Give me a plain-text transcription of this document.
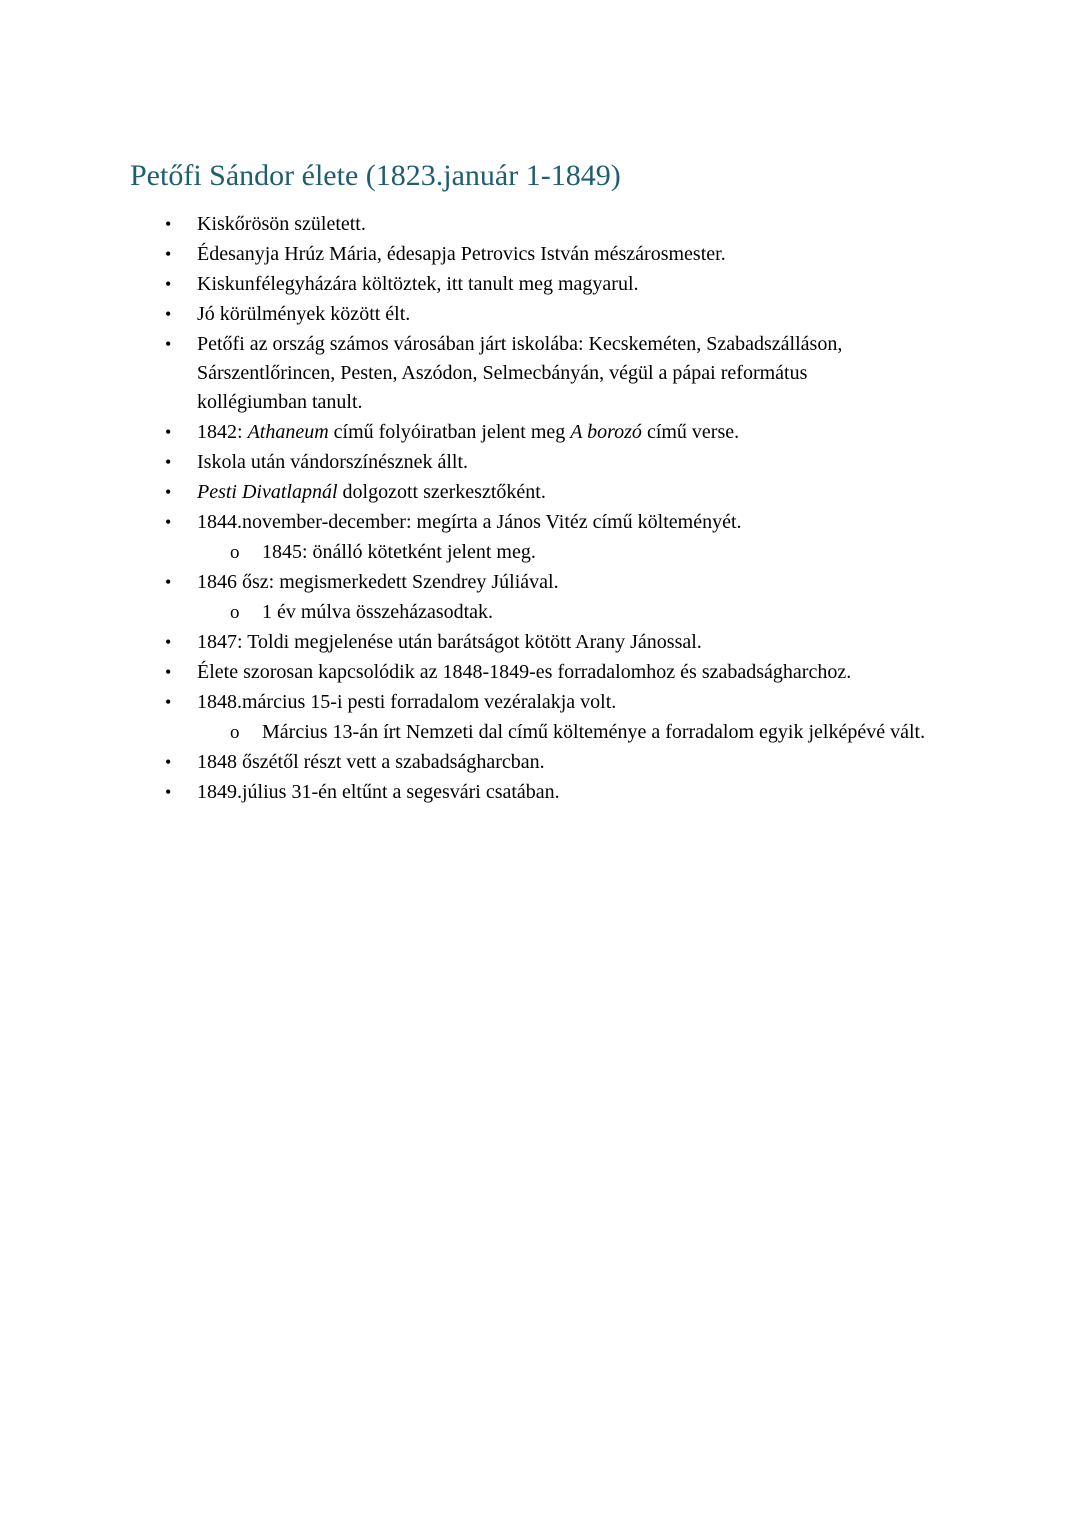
Petőfi Sándor élete (1823.január 1-1849)
•	Kiskőrösön született.
•	Édesanyja Hrúz Mária, édesapja Petrovics István mészárosmester.
•	Kiskunfélegyházára költöztek, itt tanult meg magyarul.
•	Jó körülmények között élt.
•	Petőfi az ország számos városában járt iskolába: Kecskeméten, Szabadszálláson, Sárszentlőrincen, Pesten, Aszódon, Selmecbányán, végül a pápai református kollégiumban tanult.
•	1842: Athaneum című folyóiratban jelent meg A borozó című verse.
•	Iskola után vándorszínésznek állt.
•	Pesti Divatlapnál dolgozott szerkesztőként.
•	1844.november-december: megírta a János Vitéz című költeményét.
o	1845: önálló kötetként jelent meg.
•	1846 ősz: megismerkedett Szendrey Júliával.
o	1 év múlva összeházasodtak.
•	1847: Toldi megjelenése után barátságot kötött Arany Jánossal.
•	Élete szorosan kapcsolódik az 1848-1849-es forradalomhoz és szabadságharchoz.
•	1848.március 15-i pesti forradalom vezéralakja volt.
o	Március 13-án írt Nemzeti dal című költeménye a forradalom egyik jelképévé vált.
•	1848 őszétől részt vett a szabadságharcban.
•	1849.július 31-én eltűnt a segesvári csatában.
